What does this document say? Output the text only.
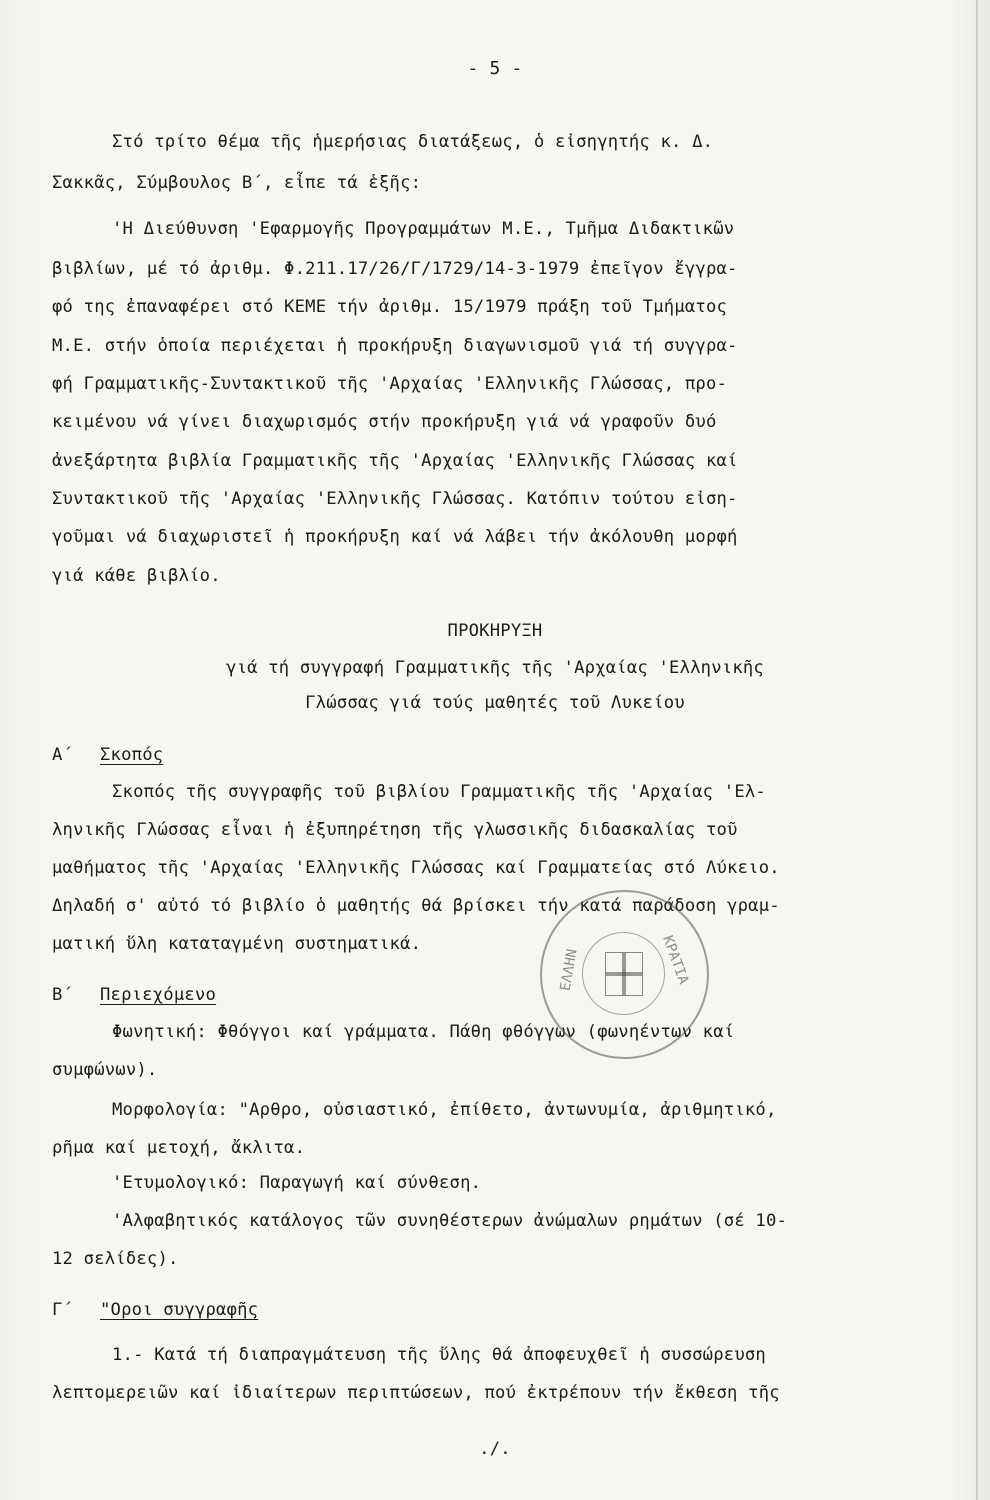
- 5 -
Στό τρίτο θέμα τῆς ἡμερήσιας διατάξεως, ὁ εἰσηγητής κ. Δ.
Σακκᾶς, Σύμβουλος Β΄, εἶπε τά ἑξῆς:
'Η Διεύθυνση 'Εφαρμογῆς Προγραμμάτων Μ.Ε., Τμῆμα Διδακτικῶν
βιβλίων, μέ τό ἀριθμ. Φ.211.17/26/Γ/1729/14-3-1979 ἐπεῖγον ἔγγρα-
φό της ἐπαναφέρει στό ΚΕΜΕ τήν ἀριθμ. 15/1979 πράξη τοῦ Τμήματος
Μ.Ε. στήν ὁποία περιέχεται ἡ προκήρυξη διαγωνισμοῦ γιά τή συγγρα-
φή Γραμματικῆς-Συντακτικοῦ τῆς 'Αρχαίας 'Ελληνικῆς Γλώσσας, προ-
κειμένου νά γίνει διαχωρισμός στήν προκήρυξη γιά νά γραφοῦν δυό
ἀνεξάρτητα βιβλία Γραμματικῆς τῆς 'Αρχαίας 'Ελληνικῆς Γλώσσας καί
Συντακτικοῦ τῆς 'Αρχαίας 'Ελληνικῆς Γλώσσας. Κατόπιν τούτου εἰση-
γοῦμαι νά διαχωριστεῖ ἡ προκήρυξη καί νά λάβει τήν ἀκόλουθη μορφή
γιά κάθε βιβλίο.
ΠΡΟΚΗΡΥΞΗ
γιά τή συγγραφή Γραμματικῆς τῆς 'Αρχαίας 'Ελληνικῆς
Γλώσσας γιά τούς μαθητές τοῦ Λυκείου
Α΄ Σκοπός
Σκοπός τῆς συγγραφῆς τοῦ βιβλίου Γραμματικῆς τῆς 'Αρχαίας 'Ελ-
ληνικῆς Γλώσσας εἶναι ἡ ἐξυπηρέτηση τῆς γλωσσικῆς διδασκαλίας τοῦ
μαθήματος τῆς 'Αρχαίας 'Ελληνικῆς Γλώσσας καί Γραμματείας στό Λύκειο.
Δηλαδή σ' αὐτό τό βιβλίο ὁ μαθητής θά βρίσκει τήν κατά παράδοση γραμ-
ματική ὕλη καταταγμένη συστηματικά.
Β΄ Περιεχόμενο
Φωνητική: Φθόγγοι καί γράμματα. Πάθη φθόγγων (φωνηέντων καί
συμφώνων).
Μορφολογία: "Αρθρο, οὐσιαστικό, ἐπίθετο, ἀντωνυμία, ἀριθμητικό,
ρῆμα καί μετοχή, ἄκλιτα.
'Ετυμολογικό: Παραγωγή καί σύνθεση.
'Αλφαβητικός κατάλογος τῶν συνηθέστερων ἀνώμαλων ρημάτων (σέ 10-
12 σελίδες).
Γ΄ "Οροι συγγραφῆς
1.- Κατά τή διαπραγμάτευση τῆς ὕλης θά ἀποφευχθεῖ ἡ συσσώρευση
λεπτομερειῶν καί ἰδιαίτερων περιπτώσεων, πού ἐκτρέπουν τήν ἔκθεση τῆς
./.
ΕΛΛΗΝ	ΚΡΑΤΙΑ
